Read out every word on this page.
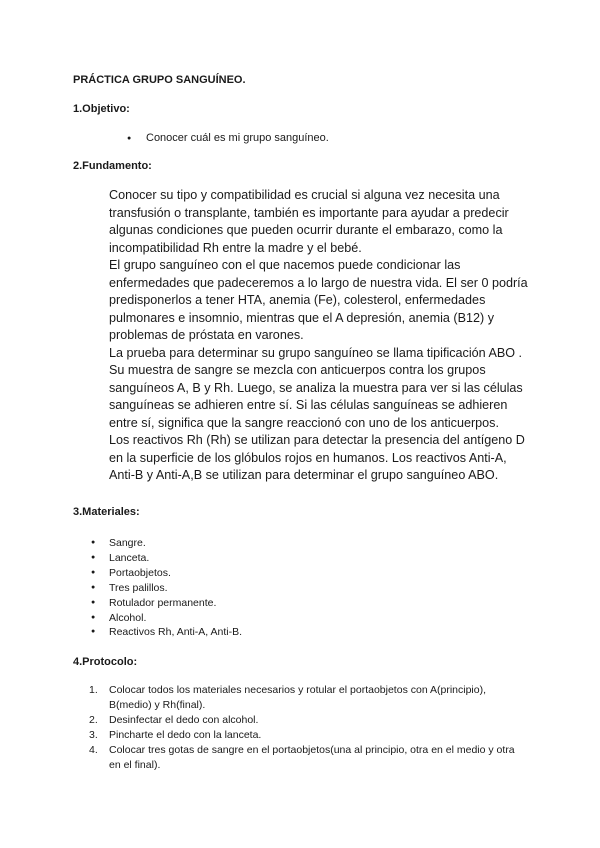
PRÁCTICA GRUPO SANGUÍNEO.
1.Objetivo:
● Conocer cuál es mi grupo sanguíneo.
2.Fundamento:

Conocer su tipo y compatibilidad es crucial si alguna vez necesita una transfusión o transplante, también es importante para ayudar a predecir algunas condiciones que pueden ocurrir durante el embarazo, como la incompatibilidad Rh entre la madre y el bebé.

El grupo sanguíneo con el que nacemos puede condicionar las enfermedades que padeceremos a lo largo de nuestra vida. El ser 0 podría predisponerlos a tener HTA, anemia (Fe), colesterol, enfermedades pulmonares e insomnio, mientras que el A depresión, anemia (B12) y problemas de próstata en varones.

La prueba para determinar su grupo sanguíneo se llama tipificación ABO . Su muestra de sangre se mezcla con anticuerpos contra los grupos sanguíneos A, B y Rh. Luego, se analiza la muestra para ver si las células sanguíneas se adhieren entre sí. Si las células sanguíneas se adhieren entre sí, significa que la sangre reaccionó con uno de los anticuerpos.

Los reactivos Rh (Rh) se utilizan para detectar la presencia del antígeno D en la superficie de los glóbulos rojos en humanos. Los reactivos Anti-A, Anti-B y Anti-A,B se utilizan para determinar el grupo sanguíneo ABO.

3.Materiales:
● Sangre.
● Lanceta.
● Portaobjetos.
● Tres palillos.
● Rotulador permanente.
● Alcohol.
● Reactivos Rh, Anti-A, Anti-B.
4.Protocolo:
1. Colocar todos los materiales necesarios y rotular el portaobjetos con A(principio), B(medio) y Rh(final).
2. Desinfectar el dedo con alcohol.
3. Pincharte el dedo con la lanceta.
4. Colocar tres gotas de sangre en el portaobjetos(una al principio, otra en el medio y otra en el final).
